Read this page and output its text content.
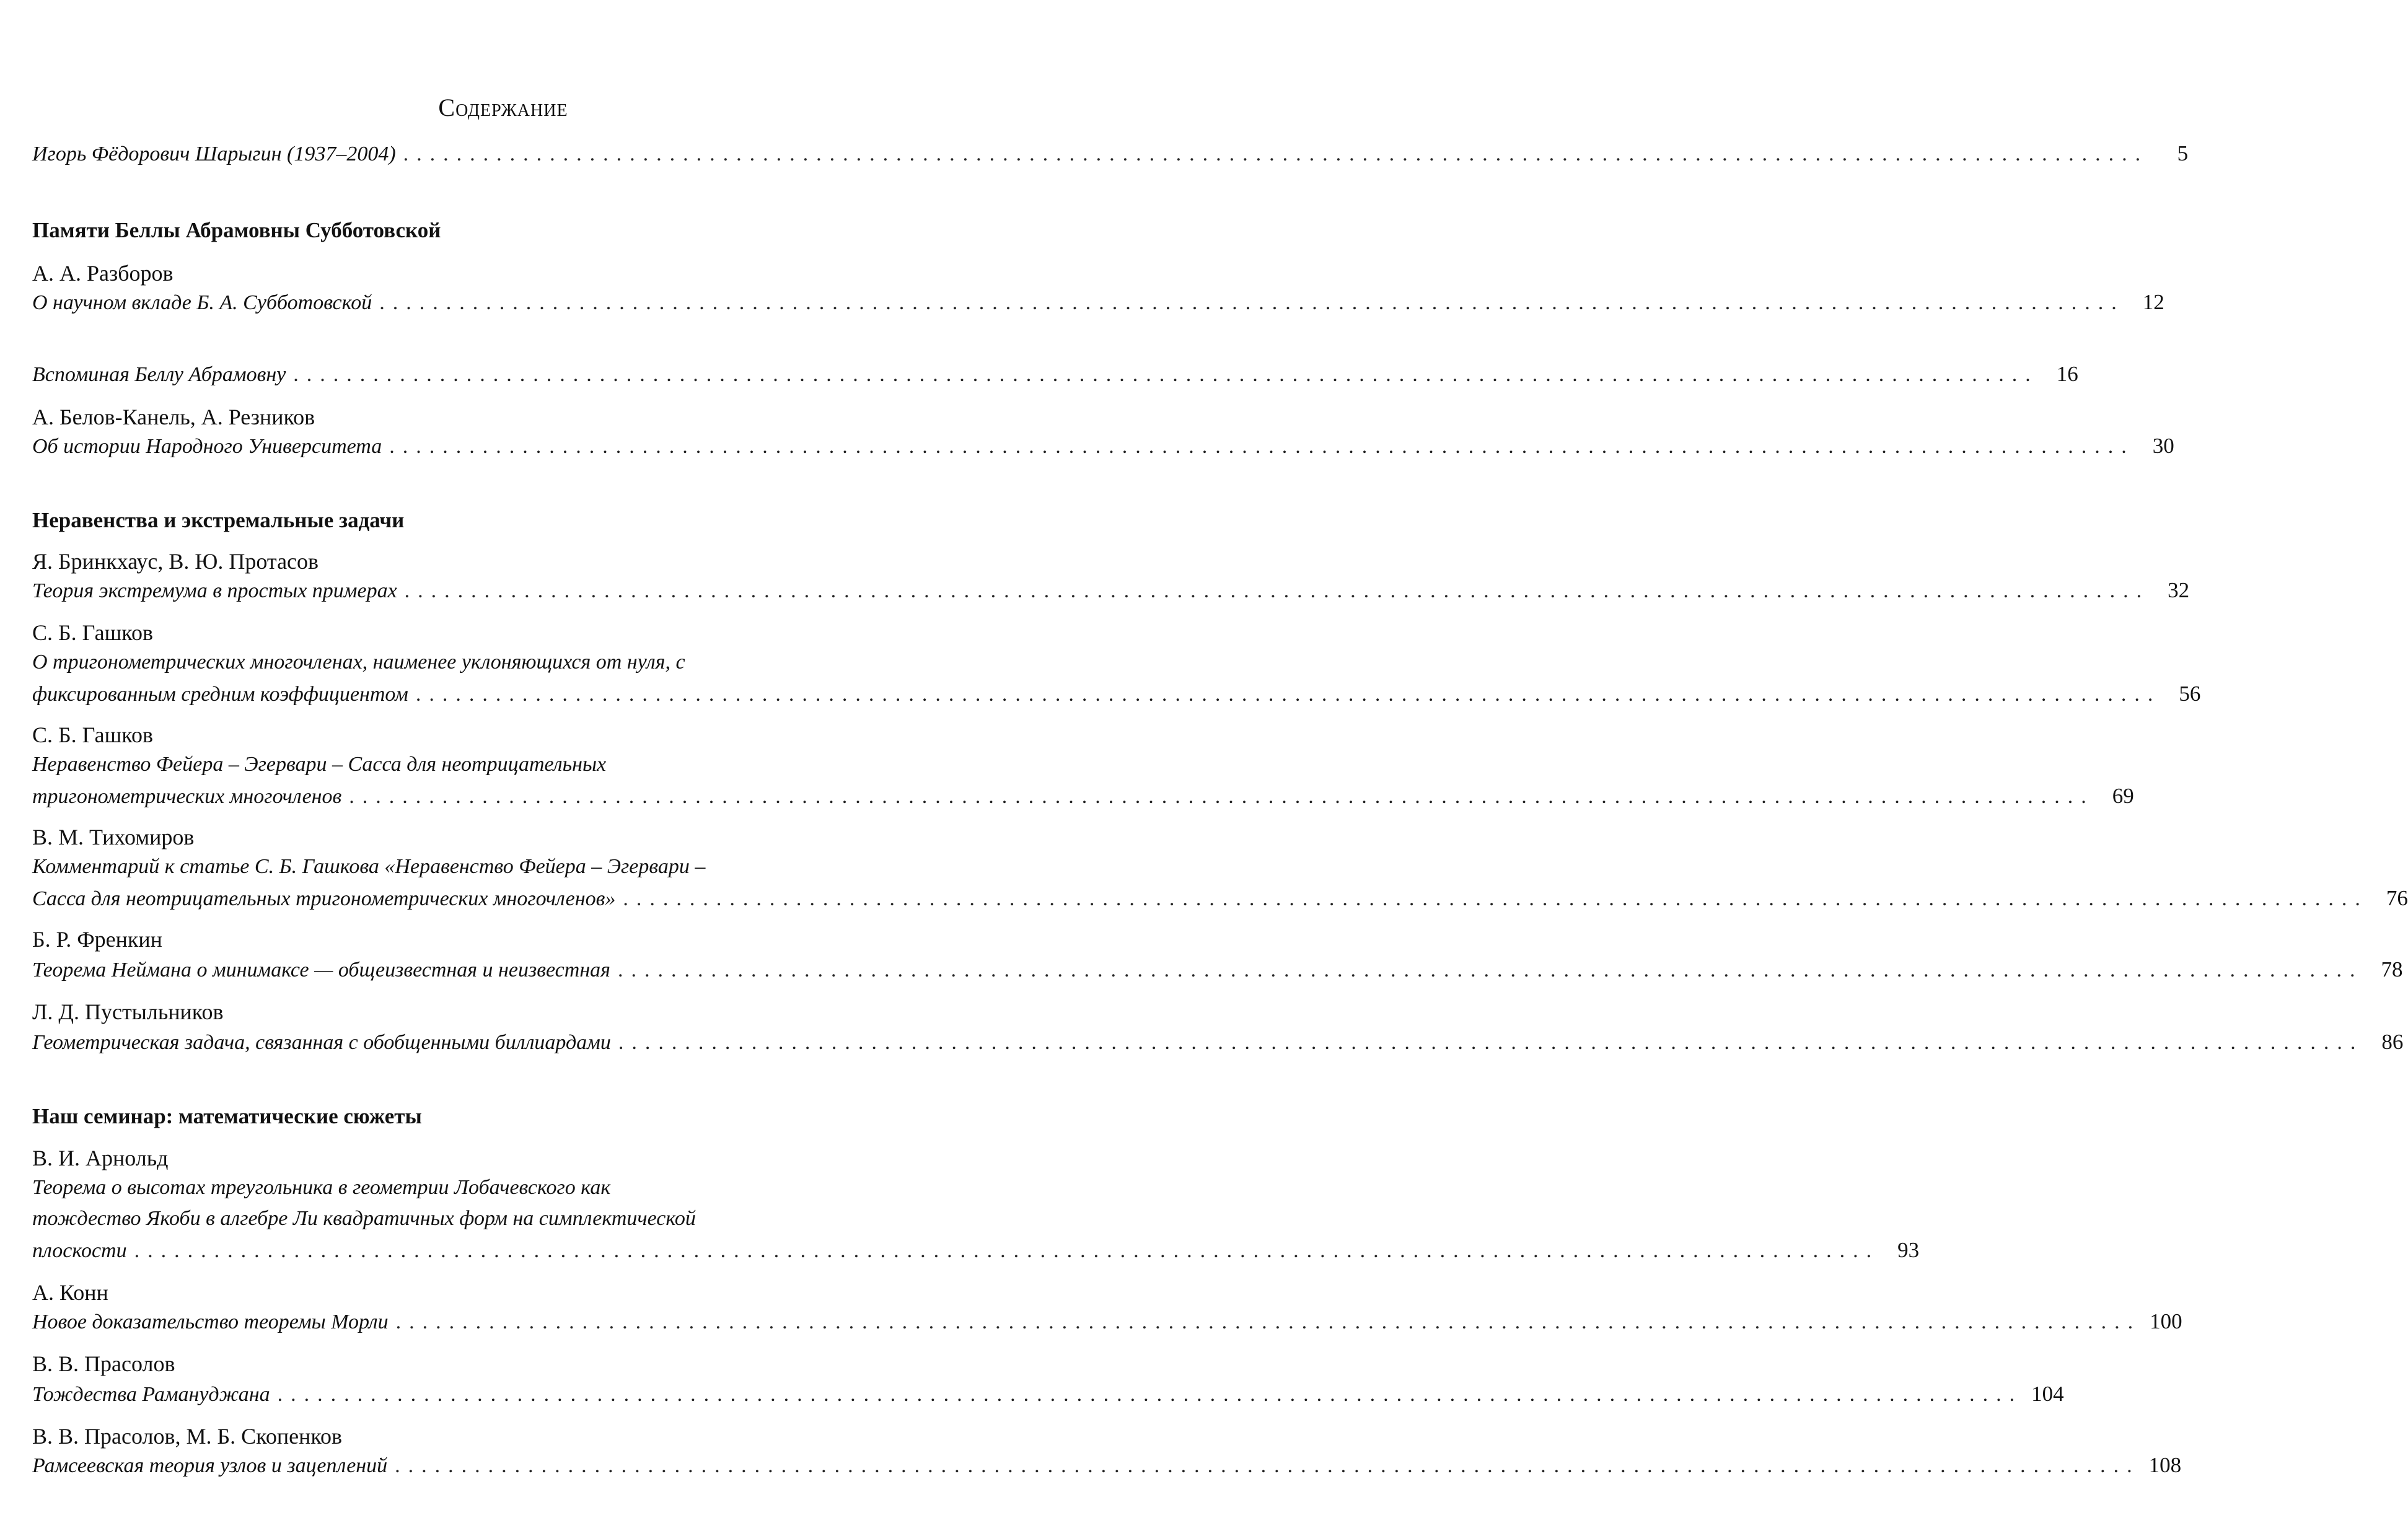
Содержание
Игорь Фёдорович Шарыгин (1937–2004) ...................................................................................................................................	5
Памяти Беллы Абрамовны Субботовской
А. А. Разборов
О научном вкладе Б. А. Субботовской ................................................................................................................................... 12
Вспоминая Беллу Абрамовну ................................................................................................................................... 16
А. Белов-Канель, А. Резников
Об истории Народного Университета ................................................................................................................................... 30
Неравенства и экстремальные задачи
Я. Бринкхаус, В. Ю. Протасов
Теория экстремума в простых примерах ................................................................................................................................... 32
С. Б. Гашков
О тригонометрических многочленах, наименее уклоняющихся от нуля, с
фиксированным средним коэффициентом ................................................................................................................................... 56
С. Б. Гашков
Неравенство Фейера – Эгервари – Сасса для неотрицательных
тригонометрических многочленов ................................................................................................................................... 69
В. М. Тихомиров
Комментарий к статье С. Б. Гашкова «Неравенство Фейера – Эгервари –
Сасса для неотрицательных тригонометрических многочленов» ................................................................................................................................... 76
Б. Р. Френкин
Теорема Неймана о минимаксе — общеизвестная и неизвестная ................................................................................................................................... 78
Л. Д. Пустыльников
Геометрическая задача, связанная с обобщенными биллиардами ................................................................................................................................... 86
Наш семинар: математические сюжеты
В. И. Арнольд
Теорема о высотах треугольника в геометрии Лобачевского как
тождество Якоби в алгебре Ли квадратичных форм на симплектической
плоскости ................................................................................................................................... 93
А. Конн
Новое доказательство теоремы Морли ................................................................................................................................... 100
В. В. Прасолов
Тождества Рамануджана ................................................................................................................................... 104
В. В. Прасолов, М. Б. Скопенков
Рамсеевская теория узлов и зацеплений ................................................................................................................................... 108
